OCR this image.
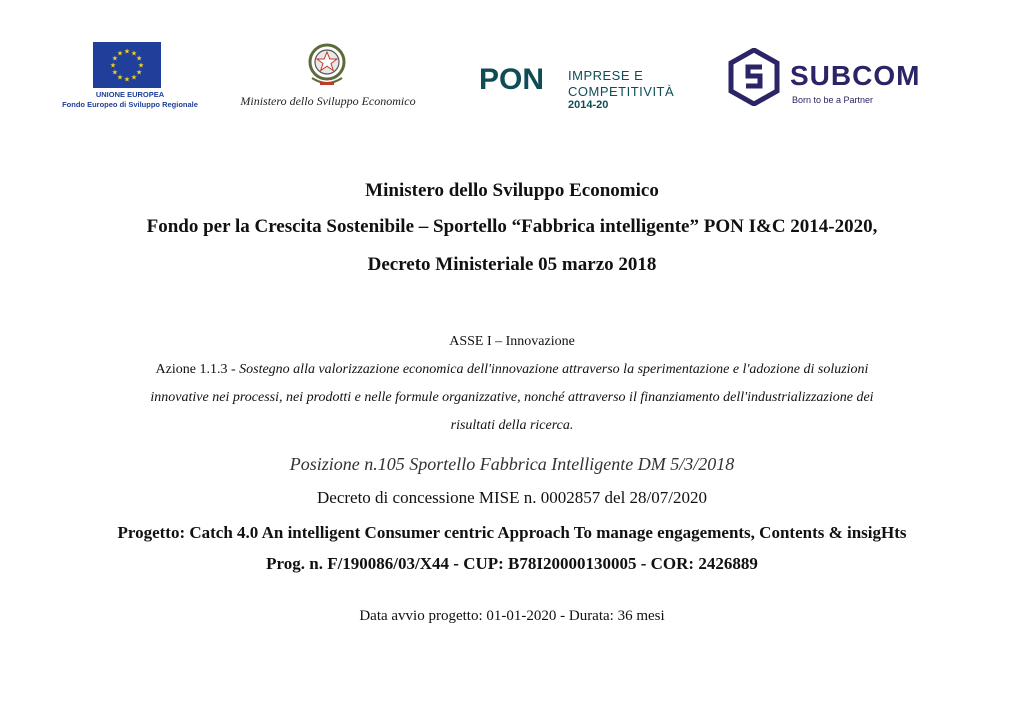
★ ★
★
★
★
★
★
★
★
★
★
★
UNIONE EUROPEA
Fondo Europeo di Sviluppo Regionale	Ministero dello Sviluppo Economico
PON IMPRESE E
COMPETITIVITÀ
2014-20
SUBCOM
Born to be a Partner
Ministero dello Sviluppo Economico
Fondo per la Crescita Sostenibile – Sportello “Fabbrica intelligente” PON I&C 2014-2020,
Decreto Ministeriale 05 marzo 2018
ASSE I – Innovazione
Azione 1.1.3 - Sostegno alla valorizzazione economica dell'innovazione attraverso la sperimentazione e l'adozione di soluzioni
innovative nei processi, nei prodotti e nelle formule organizzative, nonché attraverso il finanziamento dell'industrializzazione dei
risultati della ricerca.
Posizione n.105 Sportello Fabbrica Intelligente DM 5/3/2018
Decreto di concessione MISE n. 0002857 del 28/07/2020
Progetto: Catch 4.0 An intelligent Consumer centric Approach To manage engagements, Contents & insigHts
Prog. n. F/190086/03/X44 - CUP: B78I20000130005 - COR: 2426889
Data avvio progetto: 01-01-2020 - Durata: 36 mesi
